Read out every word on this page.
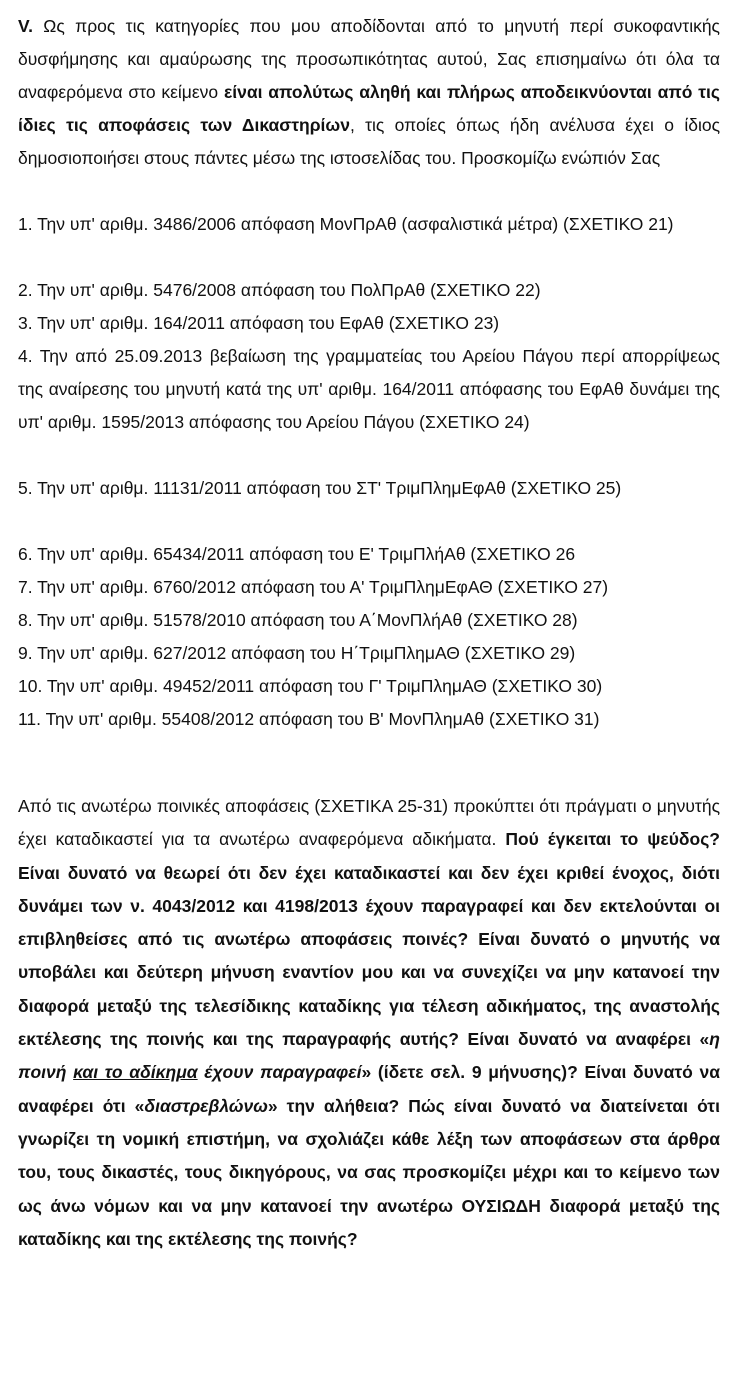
V. Ως προς τις κατηγορίες που μου αποδίδονται από το μηνυτή περί συκοφαντικής δυσφήμησης και αμαύρωσης της προσωπικότητας αυτού, Σας επισημαίνω ότι όλα τα αναφερόμενα στο κείμενο είναι απολύτως αληθή και πλήρως αποδεικνύονται από τις ίδιες τις αποφάσεις των Δικαστηρίων, τις οποίες όπως ήδη ανέλυσα έχει ο ίδιος δημοσιοποιήσει στους πάντες μέσω της ιστοσελίδας του. Προσκομίζω ενώπιόν Σας
1. Την υπ' αριθμ. 3486/2006 απόφαση ΜονΠρΑθ (ασφαλιστικά μέτρα) (ΣΧΕΤΙΚΟ 21)
2. Την υπ' αριθμ. 5476/2008 απόφαση του ΠολΠρΑθ (ΣΧΕΤΙΚΟ 22)
3. Την υπ' αριθμ. 164/2011 απόφαση του ΕφΑθ (ΣΧΕΤΙΚΟ 23)
4. Την από 25.09.2013 βεβαίωση της γραμματείας του Αρείου Πάγου περί απορρίψεως της αναίρεσης του μηνυτή κατά της υπ' αριθμ. 164/2011 απόφασης του ΕφΑθ δυνάμει της υπ' αριθμ. 1595/2013 απόφασης του Αρείου Πάγου (ΣΧΕΤΙΚΟ 24)
5. Την υπ' αριθμ. 11131/2011 απόφαση του ΣΤ' ΤριμΠλημΕφΑθ (ΣΧΕΤΙΚΟ 25)
6. Την υπ' αριθμ. 65434/2011 απόφαση του Ε' ΤριμΠλήΑθ (ΣΧΕΤΙΚΟ 26
7. Την υπ' αριθμ. 6760/2012 απόφαση του Α' ΤριμΠλημΕφΑΘ (ΣΧΕΤΙΚΟ 27)
8. Την υπ' αριθμ. 51578/2010 απόφαση του Α΄ΜονΠλήΑθ (ΣΧΕΤΙΚΟ 28)
9. Την υπ' αριθμ. 627/2012 απόφαση του Η΄ΤριμΠλημΑΘ (ΣΧΕΤΙΚΟ 29)
10. Την υπ' αριθμ. 49452/2011 απόφαση του Γ' ΤριμΠλημΑΘ (ΣΧΕΤΙΚΟ 30)
11. Την υπ' αριθμ. 55408/2012 απόφαση του Β' ΜονΠλημΑθ (ΣΧΕΤΙΚΟ 31)
Από τις ανωτέρω ποινικές αποφάσεις (ΣΧΕΤΙΚΑ 25-31) προκύπτει ότι πράγματι ο μηνυτής έχει καταδικαστεί για τα ανωτέρω αναφερόμενα αδικήματα. Πού έγκειται το ψεύδος? Είναι δυνατό να θεωρεί ότι δεν έχει καταδικαστεί και δεν έχει κριθεί ένοχος, διότι δυνάμει των ν. 4043/2012 και 4198/2013 έχουν παραγραφεί και δεν εκτελούνται οι επιβληθείσες από τις ανωτέρω αποφάσεις ποινές? Είναι δυνατό ο μηνυτής να υποβάλει και δεύτερη μήνυση εναντίον μου και να συνεχίζει να μην κατανοεί την διαφορά μεταξύ της τελεσίδικης καταδίκης για τέλεση αδικήματος, της αναστολής εκτέλεσης της ποινής και της παραγραφής αυτής? Είναι δυνατό να αναφέρει «η ποινή και το αδίκημα έχουν παραγραφεί» (ίδετε σελ. 9 μήνυσης)? Είναι δυνατό να αναφέρει ότι «διαστρεβλώνω» την αλήθεια? Πώς είναι δυνατό να διατείνεται ότι γνωρίζει τη νομική επιστήμη, να σχολιάζει κάθε λέξη των αποφάσεων στα άρθρα του, τους δικαστές, τους δικηγόρους, να σας προσκομίζει μέχρι και το κείμενο των ως άνω νόμων και να μην κατανοεί την ανωτέρω ΟΥΣΙΩΔΗ διαφορά μεταξύ της καταδίκης και της εκτέλεσης της ποινής?
